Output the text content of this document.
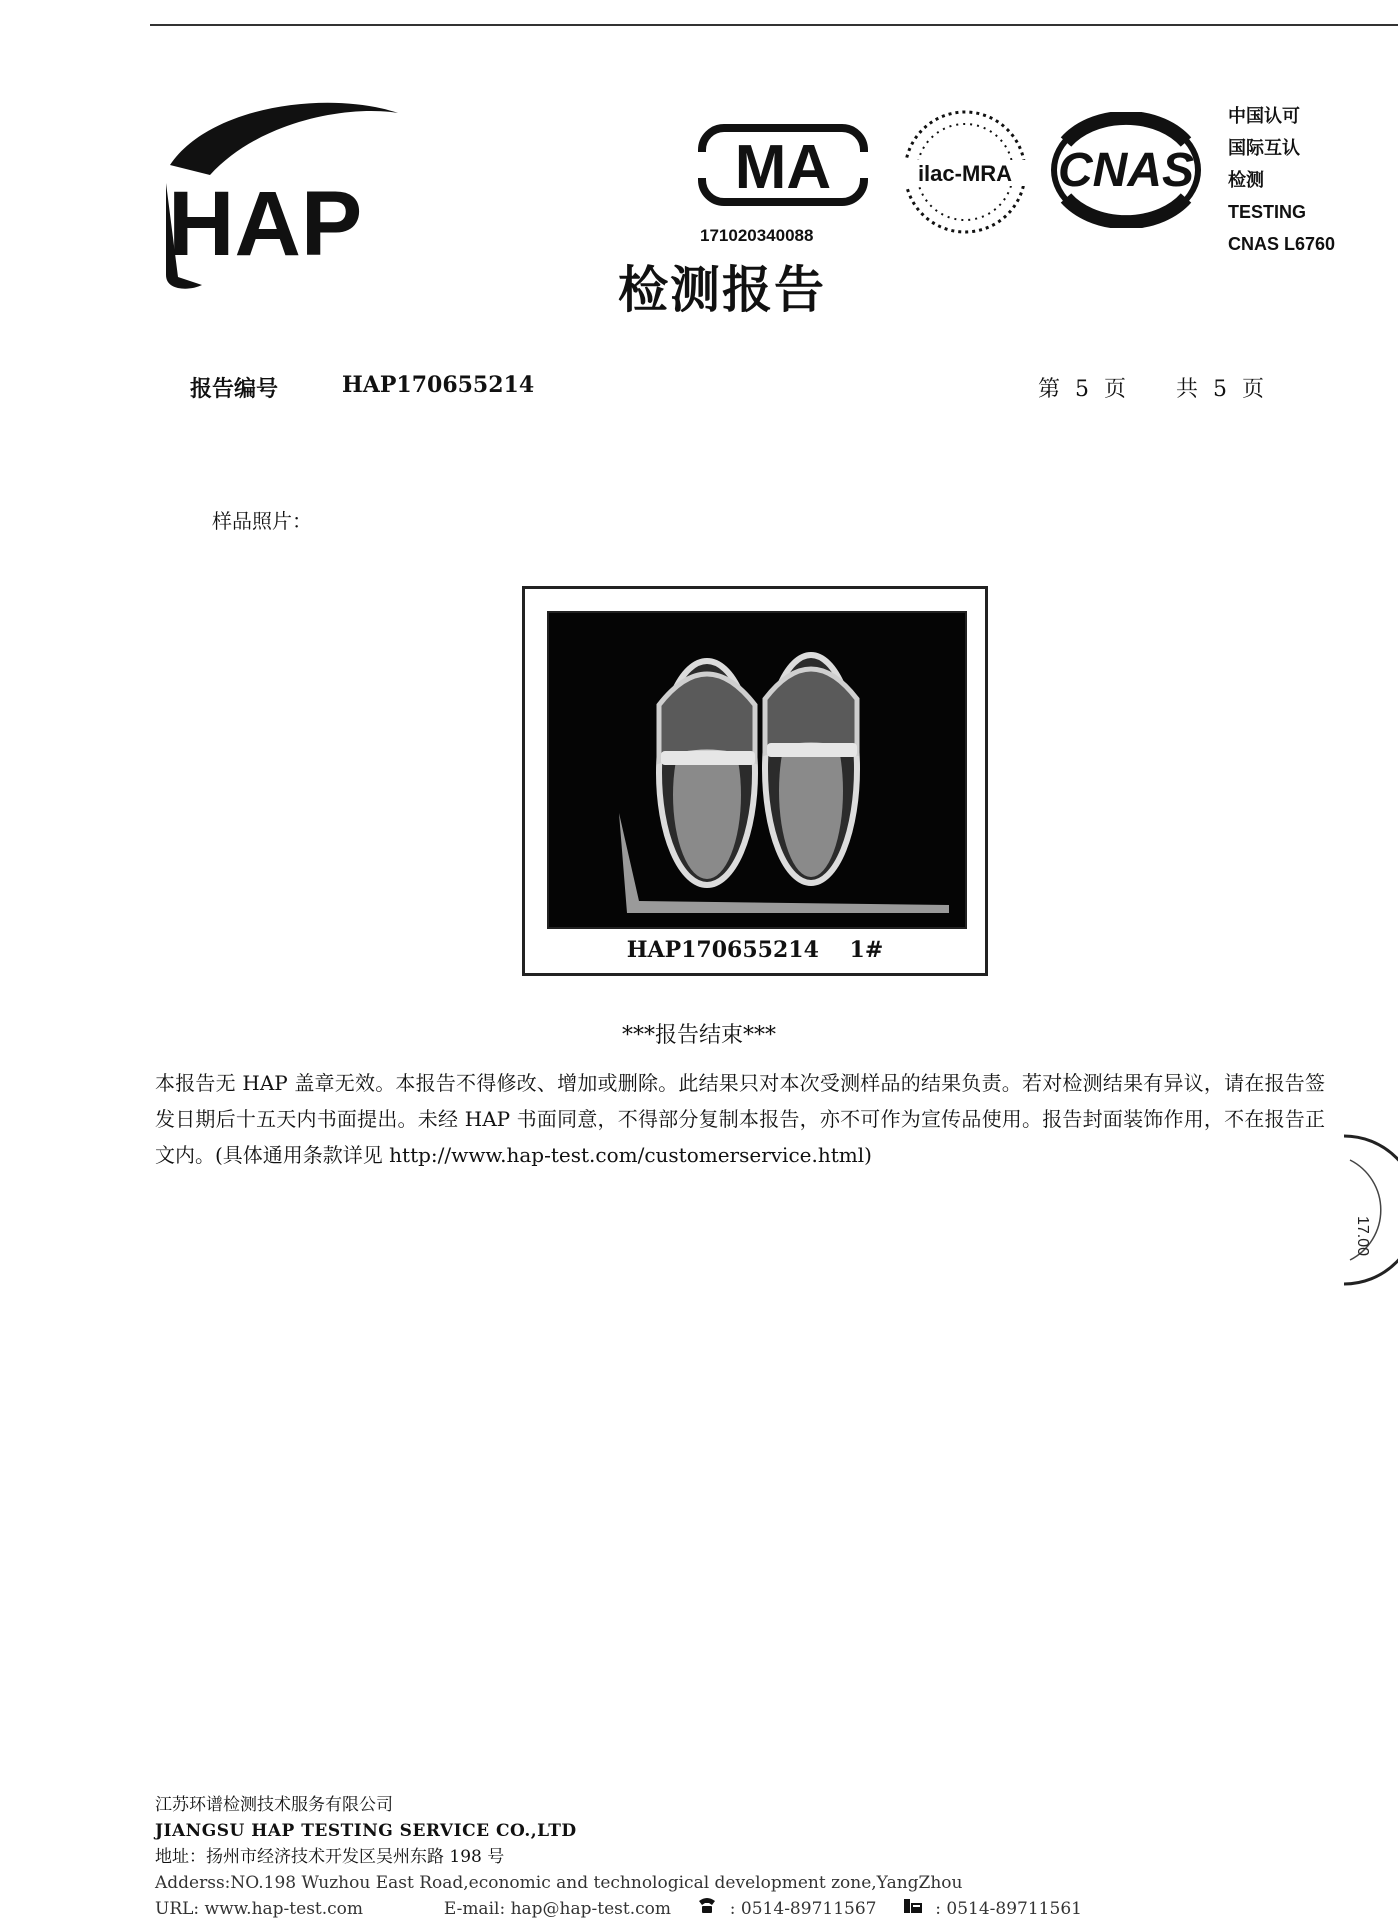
HAP
MA
171020340088
ilac-MRA CNAS
中国认可
国际互认
检测
TESTING
CNAS L6760
检测报告
报告编号	HAP170655214	第 5 页 共 5 页
样品照片：
HAP170655214    1#
***报告结束***
本报告无 HAP 盖章无效。本报告不得修改、增加或删除。此结果只对本次受测样品的结果负责。若对检测结果有异议，请在报告签发日期后十五天内书面提出。未经 HAP 书面同意，不得部分复制本报告，亦不可作为宣传品使用。报告封面装饰作用，不在报告正文内。(具体通用条款详见 http://www.hap-test.com/customerservice.html)
17.00
江苏环谱检测技术服务有限公司
JIANGSU HAP TESTING SERVICE CO.,LTD
地址：扬州市经济技术开发区吴州东路 198 号
Adderss:NO.198 Wuzhou East Road,economic and technological development zone,YangZhou
URL: www.hap-test.com	E-mail: hap@hap-test.com	: 0514-89711567	: 0514-89711561
